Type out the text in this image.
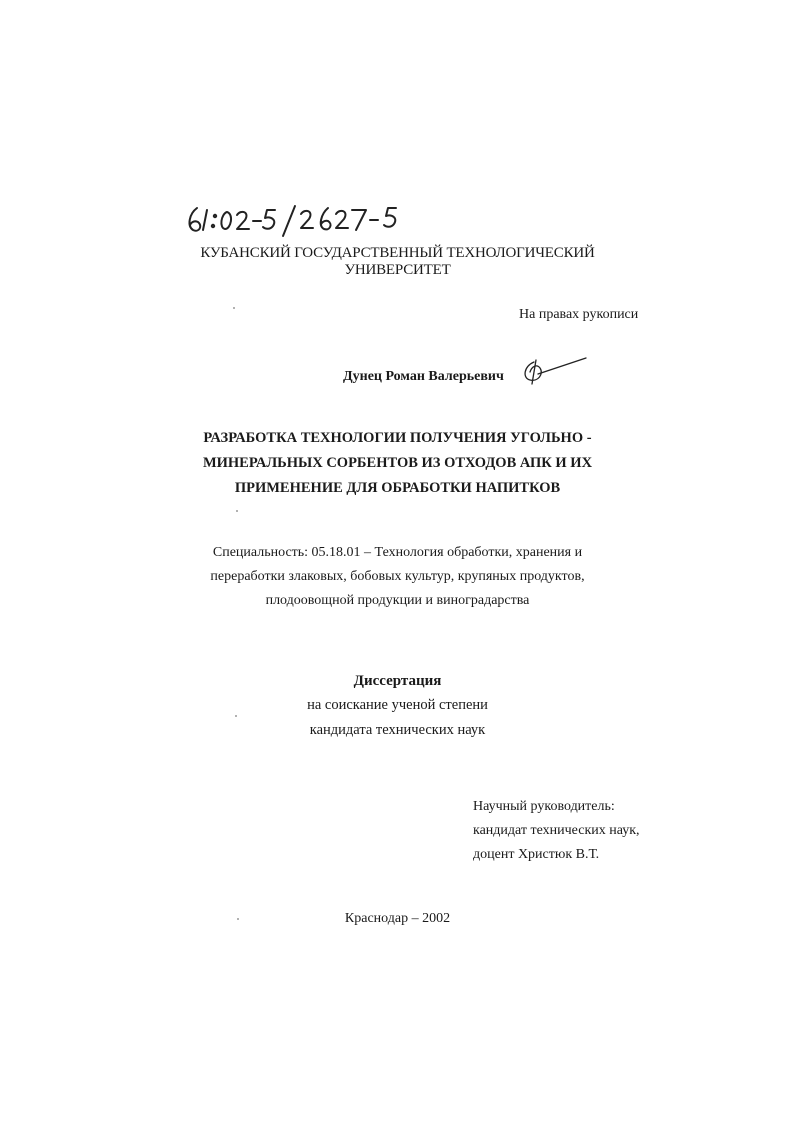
КУБАНСКИЙ ГОСУДАРСТВЕННЫЙ ТЕХНОЛОГИЧЕСКИЙ
УНИВЕРСИТЕТ
На правах рукописи
Дунец Роман Валерьевич
РАЗРАБОТКА ТЕХНОЛОГИИ ПОЛУЧЕНИЯ УГОЛЬНО -
МИНЕРАЛЬНЫХ СОРБЕНТОВ ИЗ ОТХОДОВ АПК И ИХ
ПРИМЕНЕНИЕ ДЛЯ ОБРАБОТКИ НАПИТКОВ
Специальность: 05.18.01 – Технология обработки, хранения и
переработки злаковых, бобовых культур, крупяных продуктов,
плодоовощной продукции и виноградарства
Диссертация
на соискание ученой степени
кандидата технических наук
Научный руководитель:
кандидат технических наук,
доцент Христюк В.Т.
Краснодар – 2002
